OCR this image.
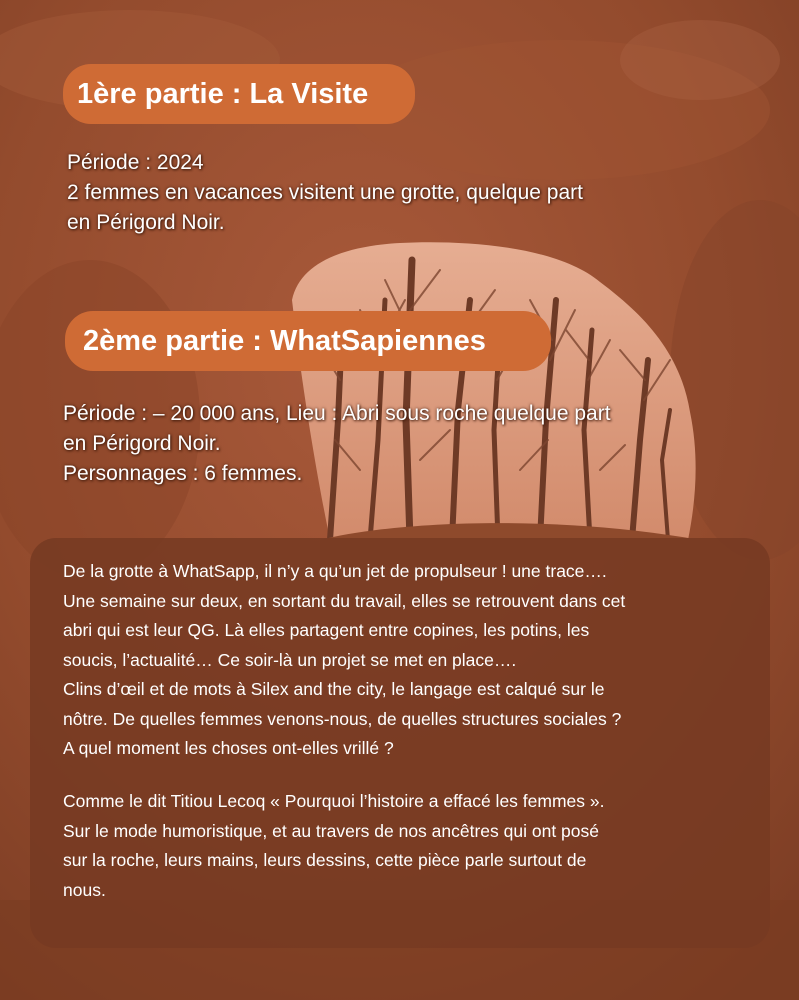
1ère partie : La Visite
Période : 2024
2 femmes en vacances visitent une grotte, quelque part
en Périgord Noir.
2ème partie : WhatSapiennes
Période : – 20 000 ans, Lieu : Abri sous roche quelque part
en Périgord Noir.
Personnages : 6 femmes.
De la grotte à WhatSapp, il n’y a qu’un jet de propulseur ! une trace….
Une semaine sur deux, en sortant du travail, elles se retrouvent dans cet
abri qui est leur QG. Là elles partagent entre copines, les potins, les
soucis, l’actualité… Ce soir-là un projet se met en place….
Clins d’œil et de mots à Silex and the city, le langage est calqué sur le
nôtre. De quelles femmes venons-nous, de quelles structures sociales ?
A quel moment les choses ont-elles vrillé ?
Comme le dit Titiou Lecoq « Pourquoi l’histoire a effacé les femmes ».
Sur le mode humoristique, et au travers de nos ancêtres qui ont posé
sur la roche, leurs mains, leurs dessins, cette pièce parle surtout de
nous.
